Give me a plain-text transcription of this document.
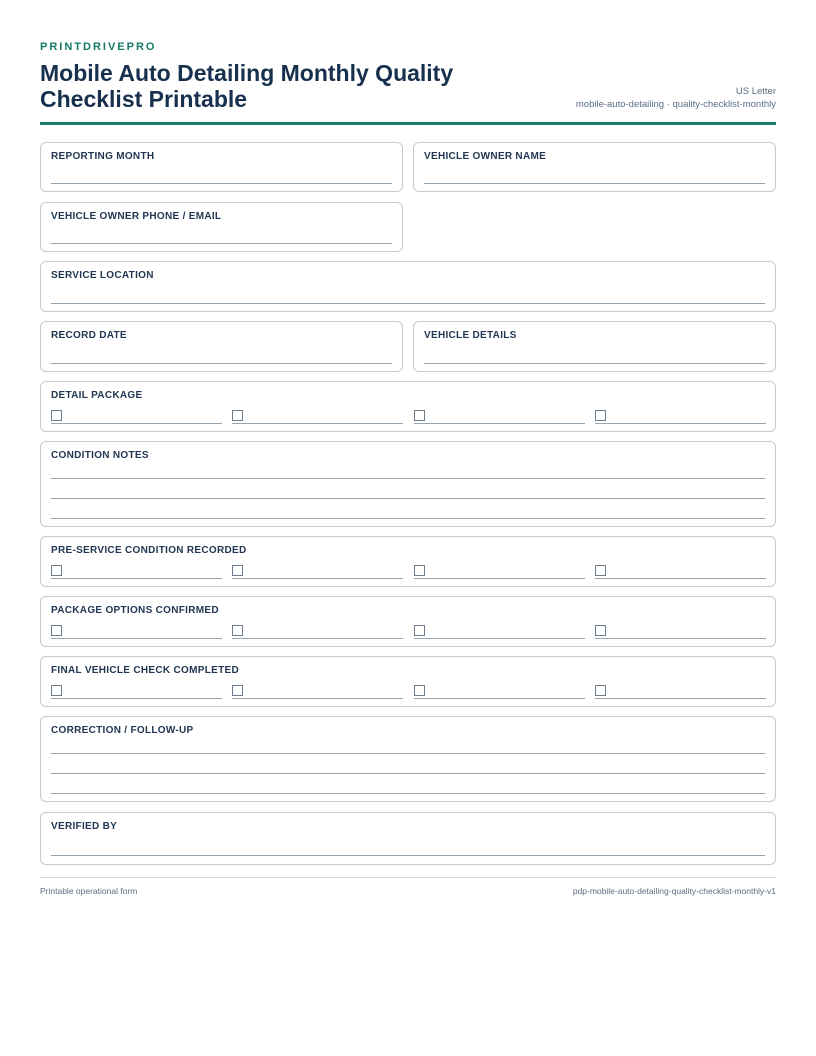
PRINTDRIVEPRO
Mobile Auto Detailing Monthly Quality Checklist Printable	US Letter
mobile-auto-detailing · quality-checklist-monthly
REPORTING MONTH	VEHICLE OWNER NAME
VEHICLE OWNER PHONE / EMAIL
SERVICE LOCATION
RECORD DATE	VEHICLE DETAILS
DETAIL PACKAGE
CONDITION NOTES
PRE-SERVICE CONDITION RECORDED
PACKAGE OPTIONS CONFIRMED
FINAL VEHICLE CHECK COMPLETED
CORRECTION / FOLLOW-UP
VERIFIED BY
Printable operational form	pdp-mobile-auto-detailing-quality-checklist-monthly-v1
